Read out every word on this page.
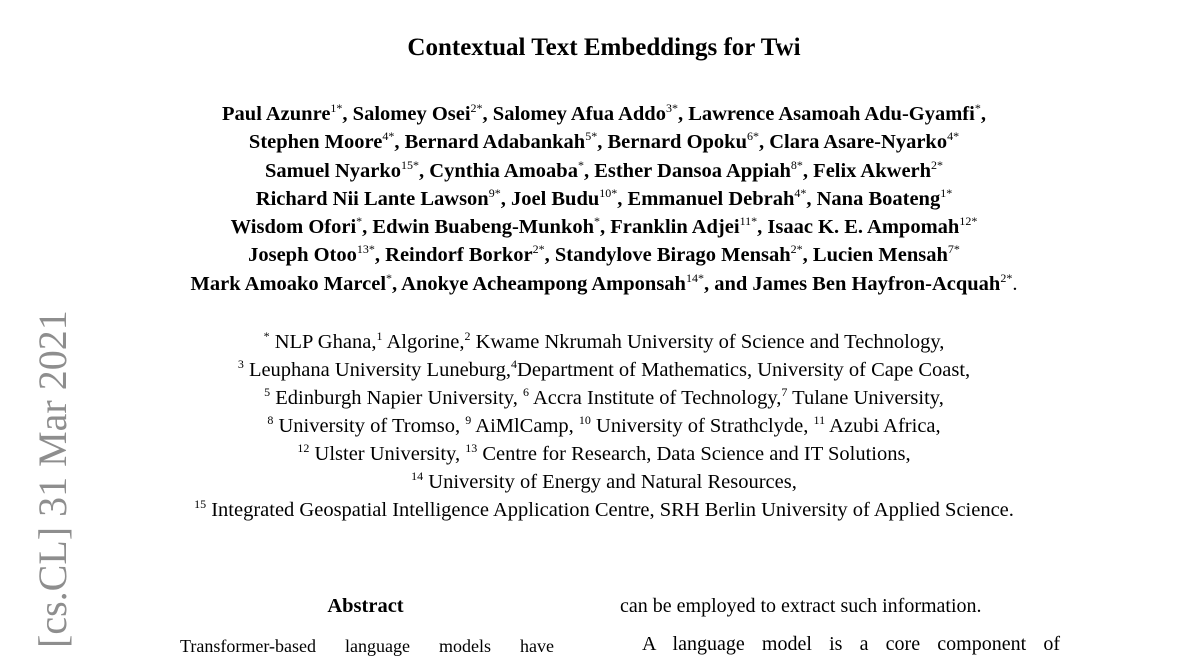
Contextual Text Embeddings for Twi
Paul Azunre$^{1*}$, Salomey Osei$^{2*}$, Salomey Afua Addo$^{3*}$, Lawrence Asamoah Adu-Gyamfi*,
Stephen Moore$^{4*}$, Bernard Adabankah$^{5*}$, Bernard Opoku$^{6*}$, Clara Asare-Nyarko$^{4*}$
Samuel Nyarko$^{15*}$, Cynthia Amoaba*, Esther Dansoa Appiah$^{8*}$, Felix Akwerh$^{2*}$
Richard Nii Lante Lawson$^{9*}$, Joel Budu$^{10*}$, Emmanuel Debrah$^{4*}$, Nana Boateng$^{1*}$
Wisdom Ofori*, Edwin Buabeng-Munkoh*, Franklin Adjei$^{11*}$, Isaac K. E. Ampomah$^{12*}$
Joseph Otoo$^{13*}$, Reindorf Borkor$^{2*}$, Standylove Birago Mensah$^{2*}$, Lucien Mensah$^{7*}$
Mark Amoako Marcel*, Anokye Acheampong Amponsah$^{14*}$, and James Ben Hayfron-Acquah$^{2*}$.
* NLP Ghana,$^1$ Algorine,$^2$ Kwame Nkrumah University of Science and Technology,
$^3$ Leuphana University Luneburg,$^4$Department of Mathematics, University of Cape Coast,
$^5$ Edinburgh Napier University, $^6$ Accra Institute of Technology,$^7$ Tulane University,
$^8$ University of Tromso, $^9$ AiMlCamp, $^{10}$ University of Strathclyde, $^{11}$ Azubi Africa,
$^{12}$ Ulster University, $^{13}$ Centre for Research, Data Science and IT Solutions,
$^{14}$ University of Energy and Natural Resources,
$^{15}$ Integrated Geospatial Intelligence Application Centre, SRH Berlin University of Applied Science.
[cs.CL] 31 Mar 2021	Abstract
Transformer-based language models have
can be employed to extract such information.
A language model is a core component of
